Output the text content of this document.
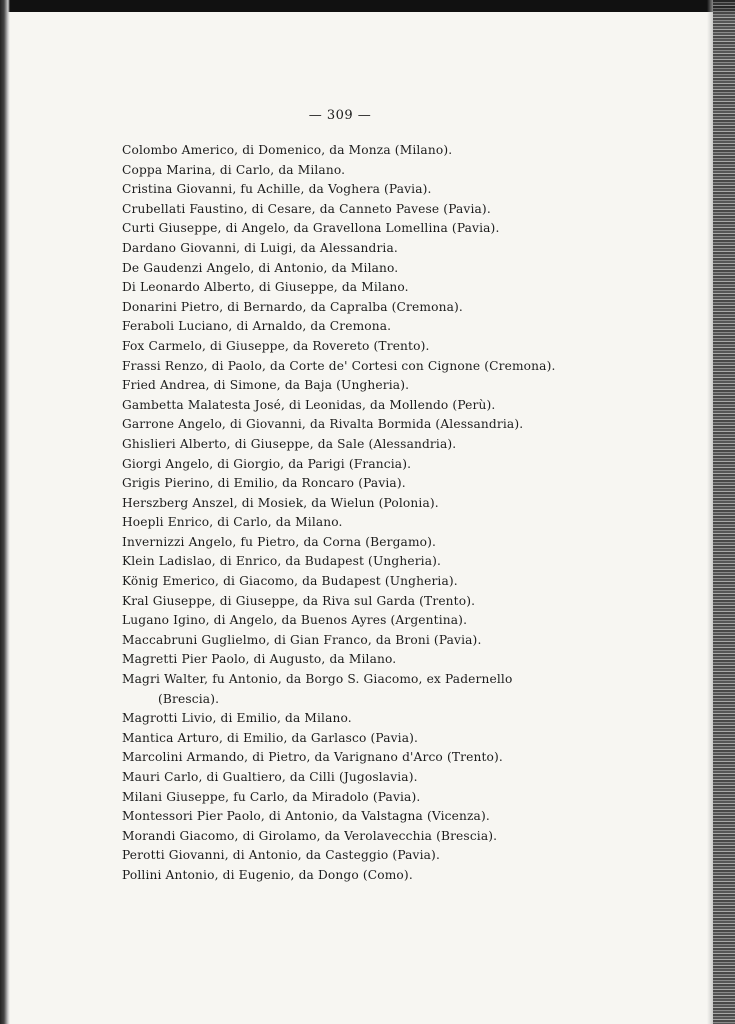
— 309 —
Colombo Americo, di Domenico, da Monza (Milano).
Coppa Marina, di Carlo, da Milano.
Cristina Giovanni, fu Achille, da Voghera (Pavia).
Crubellati Faustino, di Cesare, da Canneto Pavese (Pavia).
Curti Giuseppe, di Angelo, da Gravellona Lomellina (Pavia).
Dardano Giovanni, di Luigi, da Alessandria.
De Gaudenzi Angelo, di Antonio, da Milano.
Di Leonardo Alberto, di Giuseppe, da Milano.
Donarini Pietro, di Bernardo, da Capralba (Cremona).
Feraboli Luciano, di Arnaldo, da Cremona.
Fox Carmelo, di Giuseppe, da Rovereto (Trento).
Frassi Renzo, di Paolo, da Corte de' Cortesi con Cignone (Cremona).
Fried Andrea, di Simone, da Baja (Ungheria).
Gambetta Malatesta José, di Leonidas, da Mollendo (Perù).
Garrone Angelo, di Giovanni, da Rivalta Bormida (Alessandria).
Ghislieri Alberto, di Giuseppe, da Sale (Alessandria).
Giorgi Angelo, di Giorgio, da Parigi (Francia).
Grigis Pierino, di Emilio, da Roncaro (Pavia).
Herszberg Anszel, di Mosiek, da Wielun (Polonia).
Hoepli Enrico, di Carlo, da Milano.
Invernizzi Angelo, fu Pietro, da Corna (Bergamo).
Klein Ladislao, di Enrico, da Budapest (Ungheria).
König Emerico, di Giacomo, da Budapest (Ungheria).
Kral Giuseppe, di Giuseppe, da Riva sul Garda (Trento).
Lugano Igino, di Angelo, da Buenos Ayres (Argentina).
Maccabruni Guglielmo, di Gian Franco, da Broni (Pavia).
Magretti Pier Paolo, di Augusto, da Milano.
Magri Walter, fu Antonio, da Borgo S. Giacomo, ex Padernello
(Brescia).
Magrotti Livio, di Emilio, da Milano.
Mantica Arturo, di Emilio, da Garlasco (Pavia).
Marcolini Armando, di Pietro, da Varignano d'Arco (Trento).
Mauri Carlo, di Gualtiero, da Cilli (Jugoslavia).
Milani Giuseppe, fu Carlo, da Miradolo (Pavia).
Montessori Pier Paolo, di Antonio, da Valstagna (Vicenza).
Morandi Giacomo, di Girolamo, da Verolavecchia (Brescia).
Perotti Giovanni, di Antonio, da Casteggio (Pavia).
Pollini Antonio, di Eugenio, da Dongo (Como).
